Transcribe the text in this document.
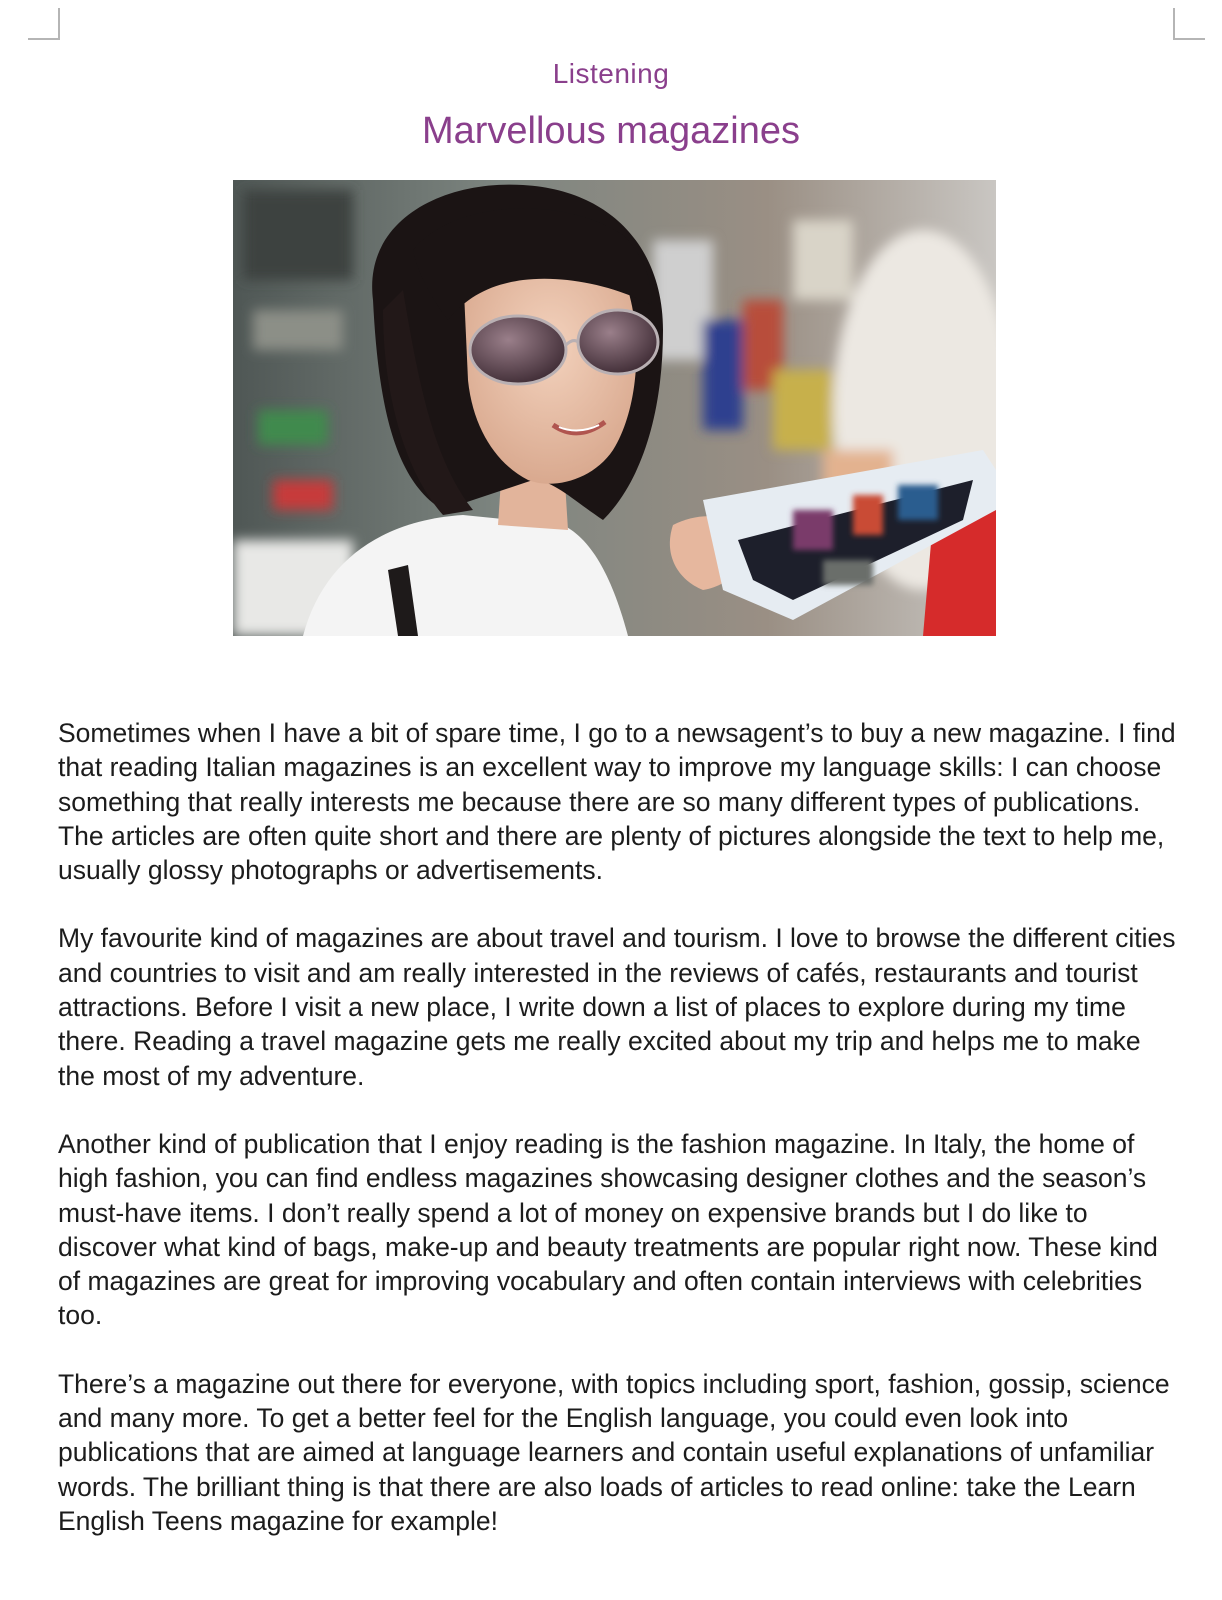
Listening
Marvellous magazines

Sometimes when I have a bit of spare time, I go to a newsagent’s to buy a new magazine. I find that reading Italian magazines is an excellent way to improve my language skills: I can choose something that really interests me because there are so many different types of publications. The articles are often quite short and there are plenty of pictures alongside the text to help me, usually glossy photographs or advertisements.

My favourite kind of magazines are about travel and tourism. I love to browse the different cities and countries to visit and am really interested in the reviews of cafés, restaurants and tourist attractions. Before I visit a new place, I write down a list of places to explore during my time there. Reading a travel magazine gets me really excited about my trip and helps me to make the most of my adventure.

Another kind of publication that I enjoy reading is the fashion magazine. In Italy, the home of high fashion, you can find endless magazines showcasing designer clothes and the season’s must-have items. I don’t really spend a lot of money on expensive brands but I do like to discover what kind of bags, make-up and beauty treatments are popular right now. These kind of magazines are great for improving vocabulary and often contain interviews with celebrities too.

There’s a magazine out there for everyone, with topics including sport, fashion, gossip, science and many more. To get a better feel for the English language, you could even look into publications that are aimed at language learners and contain useful explanations of unfamiliar words. The brilliant thing is that there are also loads of articles to read online: take the Learn English Teens magazine for example!
